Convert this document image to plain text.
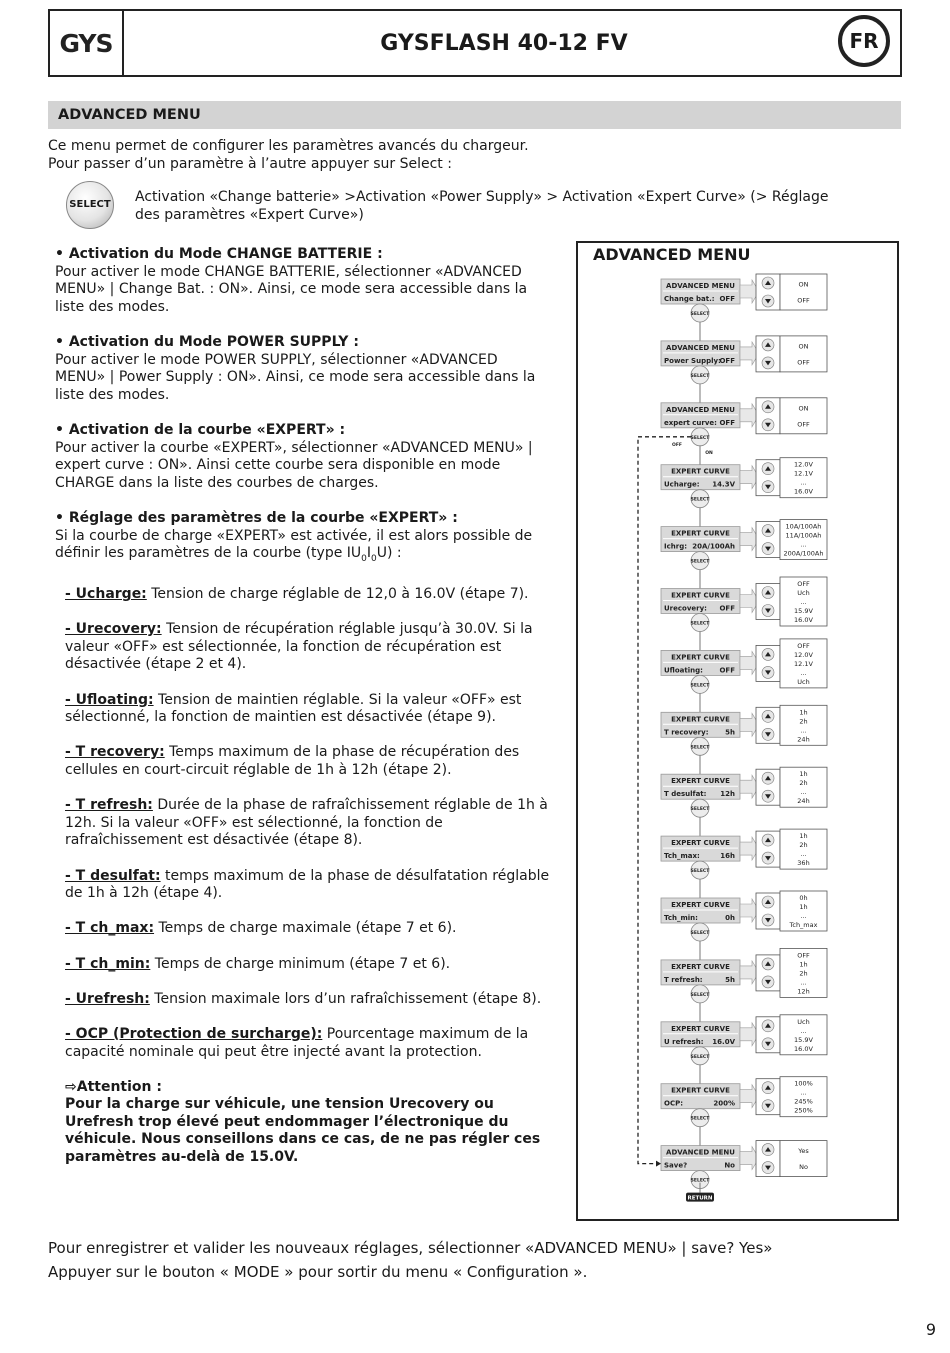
GYS	GYSFLASH 40-12 FV	FR
ADVANCED MENU
Ce menu permet de configurer les paramètres avancés du chargeur.
Pour passer d’un paramètre à l’autre appuyer sur Select :
SELECT Activation «Change batterie» >Activation «Power Supply» > Activation «Expert Curve» (> Réglage des paramètres «Expert Curve»)
• Activation du Mode CHANGE BATTERIE :
Pour activer le mode CHANGE BATTERIE, sélectionner «ADVANCED MENU» | Change Bat. : ON». Ainsi, ce mode sera accessible dans la liste des modes.
• Activation du Mode POWER SUPPLY :
Pour activer le mode POWER SUPPLY, sélectionner «ADVANCED MENU» | Power Supply : ON». Ainsi, ce mode sera accessible dans la liste des modes.
• Activation de la courbe «EXPERT» :
Pour activer la courbe «EXPERT», sélectionner «ADVANCED MENU» | expert curve : ON». Ainsi cette courbe sera disponible en mode CHARGE dans la liste des courbes de charges.
• Réglage des paramètres de la courbe «EXPERT» :
Si la courbe de charge «EXPERT» est activée, il est alors possible de définir les paramètres de la courbe (type $IU_0I_0U$) :
- Ucharge: Tension de charge réglable de 12,0 à 16.0V (étape 7).
- Urecovery: Tension de récupération réglable jusqu’à 30.0V. Si la valeur «OFF» est sélectionnée, la fonction de récupération est désactivée (étape 2 et 4).
- Ufloating: Tension de maintien réglable. Si la valeur «OFF» est sélectionné, la fonction de maintien est désactivée (étape 9).
- T recovery: Temps maximum de la phase de récupération des cellules en court-circuit réglable de 1h à 12h (étape 2).
- T refresh: Durée de la phase de rafraîchissement réglable de 1h à 12h. Si la valeur «OFF» est sélectionné, la fonction de rafraîchissement est désactivée (étape 8).
- T desulfat: temps maximum de la phase de désulfatation réglable de 1h à 12h (étape 4).
- T ch_max: Temps de charge maximale (étape 7 et 6).
- T ch_min: Temps de charge minimum (étape 7 et 6).
- Urefresh: Tension maximale lors d’un rafraîchissement (étape 8).
- OCP (Protection de surcharge): Pourcentage maximum de la capacité nominale qui peut être injecté avant la protection.
⇨Attention :
Pour la charge sur véhicule, une tension Urecovery ou Urefresh trop élevé peut endommager l’électronique du véhicule. Nous conseillons dans ce cas, de ne pas régler ces paramètres au-delà de 15.0V.
ADVANCED MENU
ADVANCED MENU
Change bat.: OFF
ON
OFF
SELECT
ADVANCED MENU
Power Supply:
OFF
ON
OFF
SELECT
ADVANCED MENU
expert curve: OFF
ON
OFF
SELECT
EXPERT CURVE
Ucharge: 14.3V
12.0V
12.1V
...
16.0V
SELECT
EXPERT CURVE
Ichrg: 20A/100Ah
10A/100Ah
11A/100Ah
...
200A/100Ah
SELECT
EXPERT CURVE
Urecovery: OFF
OFF
Uch
...
15.9V
16.0V
SELECT
EXPERT CURVE
Ufloating: OFF
OFF
12.0V
12.1V
...
Uch
SELECT
EXPERT CURVE
T recovery: 5h
1h
2h
...
24h
SELECT
EXPERT CURVE
T desulfat: 12h
1h
2h
...
24h
SELECT
EXPERT CURVE
Tch_max:	16h
1h
2h
...
36h
SELECT
EXPERT CURVE
Tch_min:	0h
0h
1h
...
Tch_max
SELECT
EXPERT CURVE
T refresh:	5h
OFF
1h
2h
...
12h
SELECT
EXPERT CURVE
U refresh: 16.0V
Uch
...
15.9V
16.0V
SELECT
EXPERT CURVE
OCP:	200%
100%
...
245%
250%
SELECT
ADVANCED MENU
Save?	No
Yes
No
SELECT
RETURN
OFF
ON
Pour enregistrer et valider les nouveaux réglages, sélectionner «ADVANCED MENU» | save? Yes»
Appuyer sur le bouton « MODE » pour sortir du menu « Configuration ».
9
